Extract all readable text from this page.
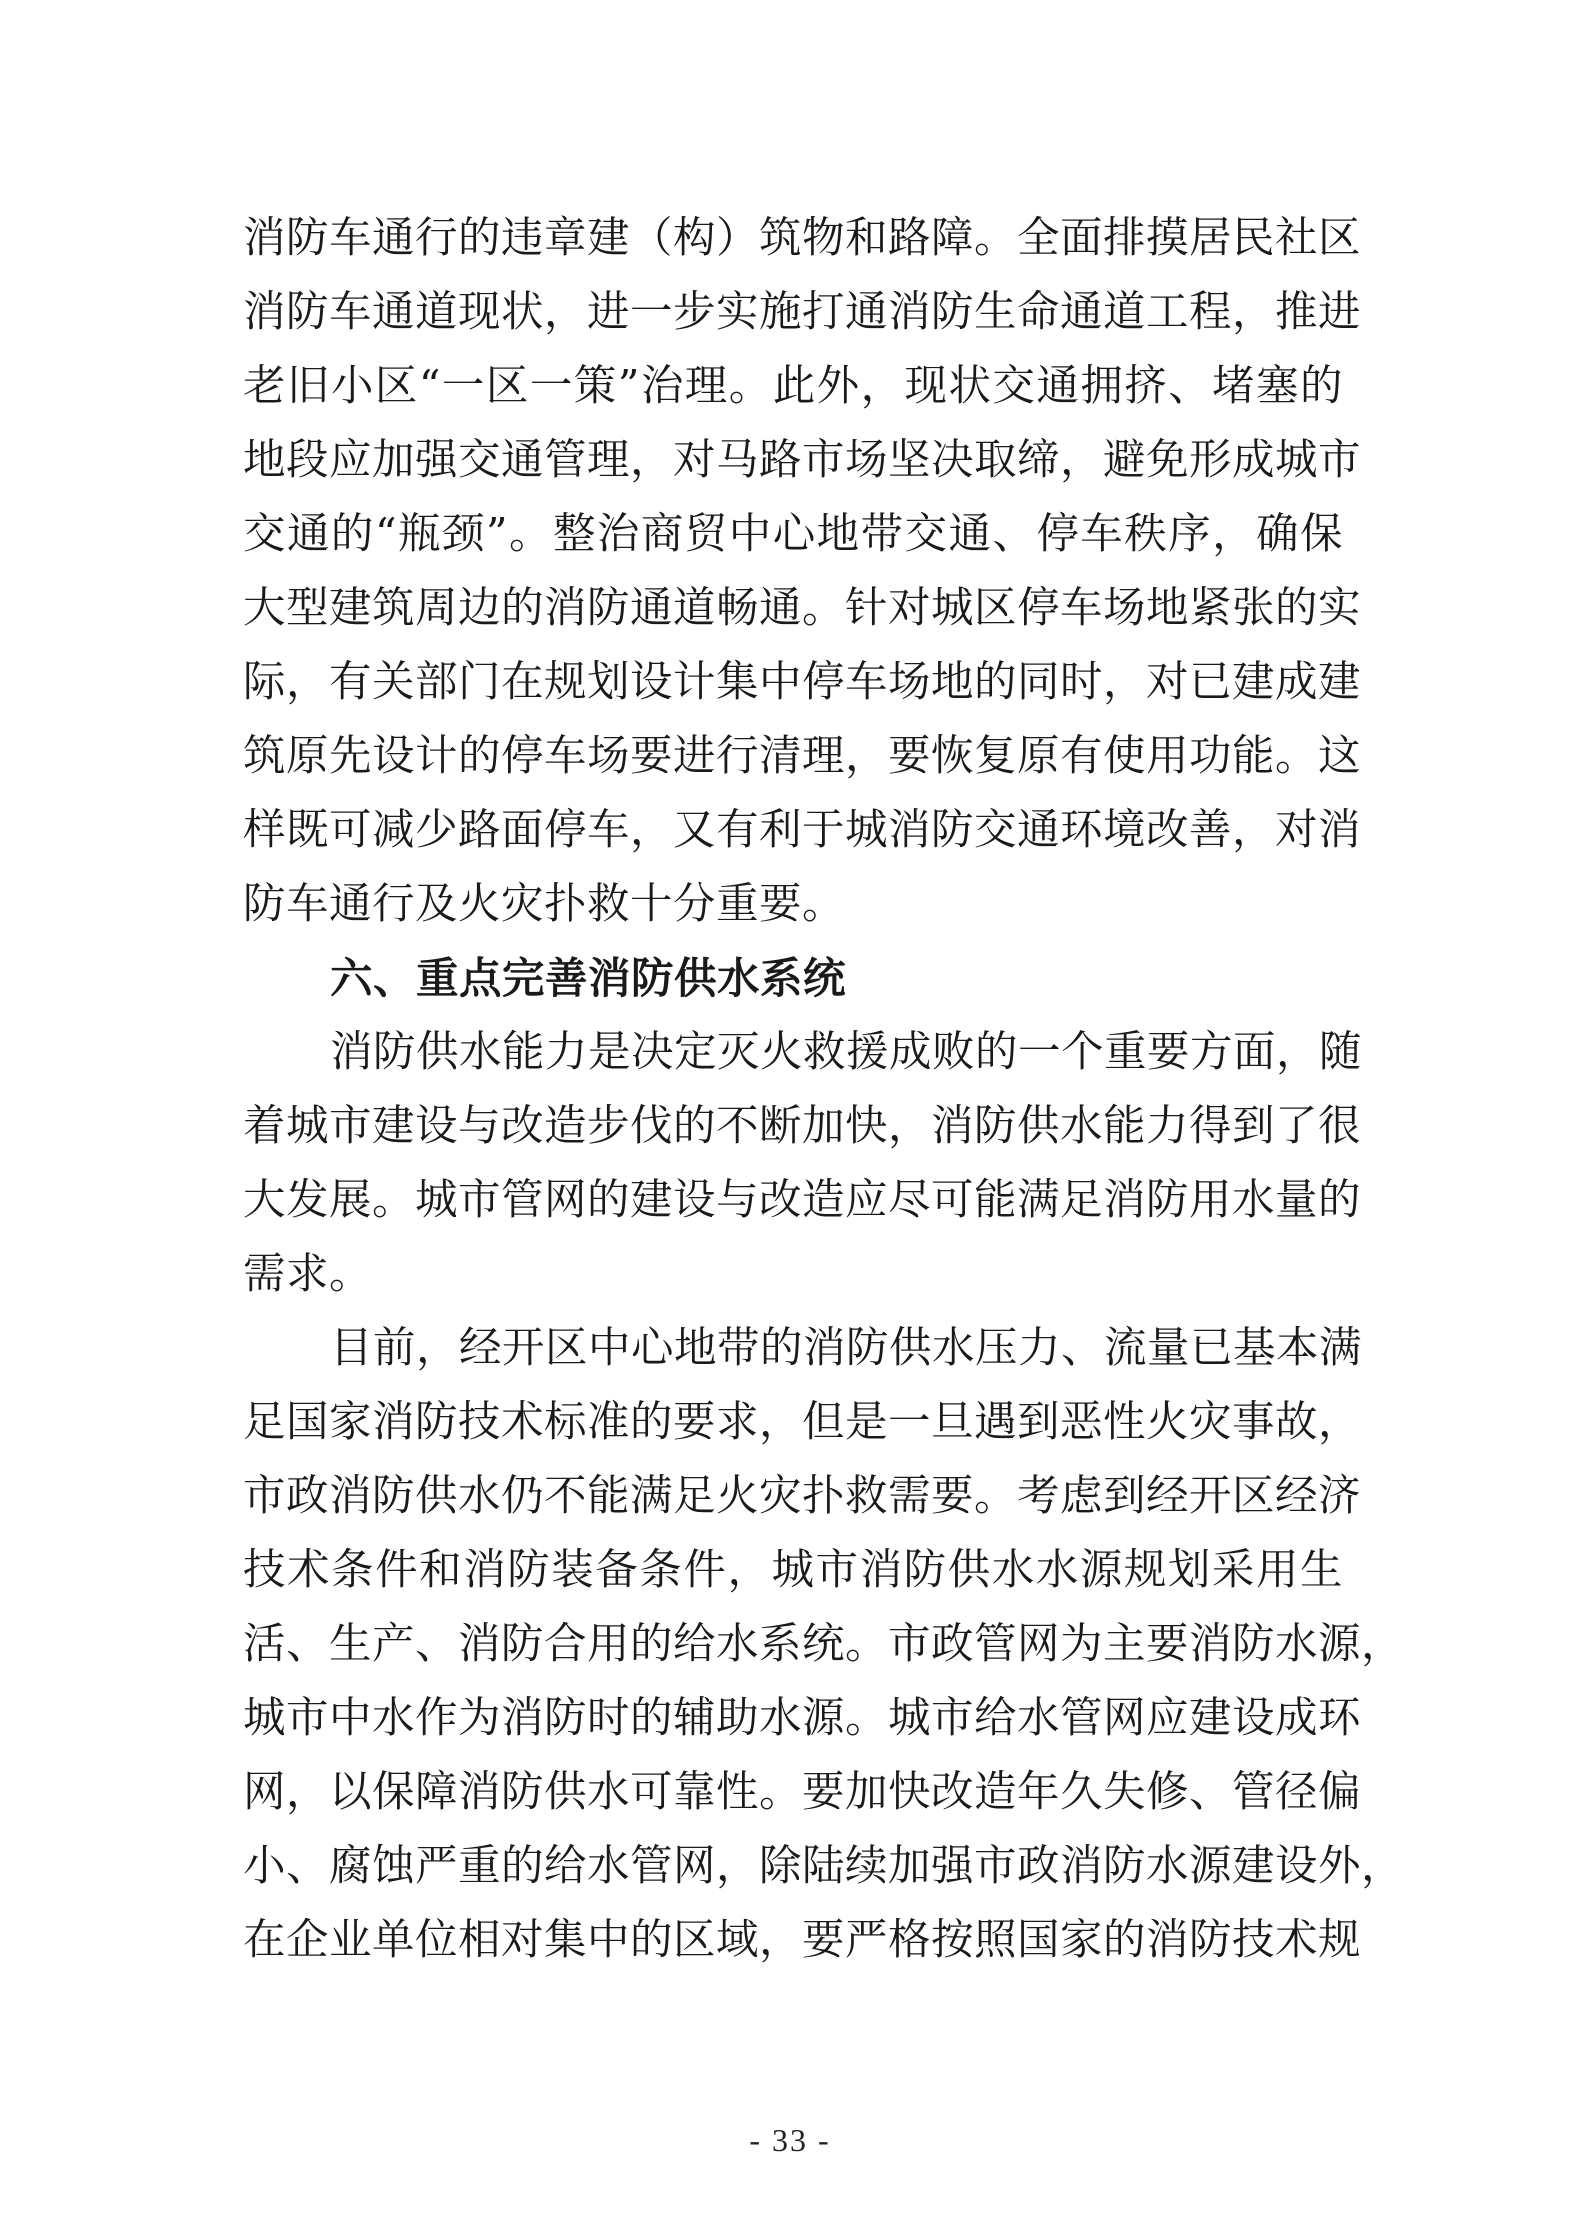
消防车通行的违章建（构）筑物和路障。全面排摸居民社区
消防车通道现状，进一步实施打通消防生命通道工程，推进
老旧小区“一区一策”治理。此外，现状交通拥挤、堵塞的
地段应加强交通管理，对马路市场坚决取缔，避免形成城市
交通的“瓶颈”。整治商贸中心地带交通、停车秩序，确保
大型建筑周边的消防通道畅通。针对城区停车场地紧张的实
际，有关部门在规划设计集中停车场地的同时，对已建成建
筑原先设计的停车场要进行清理，要恢复原有使用功能。这
样既可减少路面停车，又有利于城消防交通环境改善，对消
防车通行及火灾扑救十分重要。
六、重点完善消防供水系统
消防供水能力是决定灭火救援成败的一个重要方面，随
着城市建设与改造步伐的不断加快，消防供水能力得到了很
大发展。城市管网的建设与改造应尽可能满足消防用水量的
需求。
目前，经开区中心地带的消防供水压力、流量已基本满
足国家消防技术标准的要求，但是一旦遇到恶性火灾事故，
市政消防供水仍不能满足火灾扑救需要。考虑到经开区经济
技术条件和消防装备条件，城市消防供水水源规划采用生
活、生产、消防合用的给水系统。市政管网为主要消防水源，
城市中水作为消防时的辅助水源。城市给水管网应建设成环
网，以保障消防供水可靠性。要加快改造年久失修、管径偏
小、腐蚀严重的给水管网，除陆续加强市政消防水源建设外，
在企业单位相对集中的区域，要严格按照国家的消防技术规
- 33 -
